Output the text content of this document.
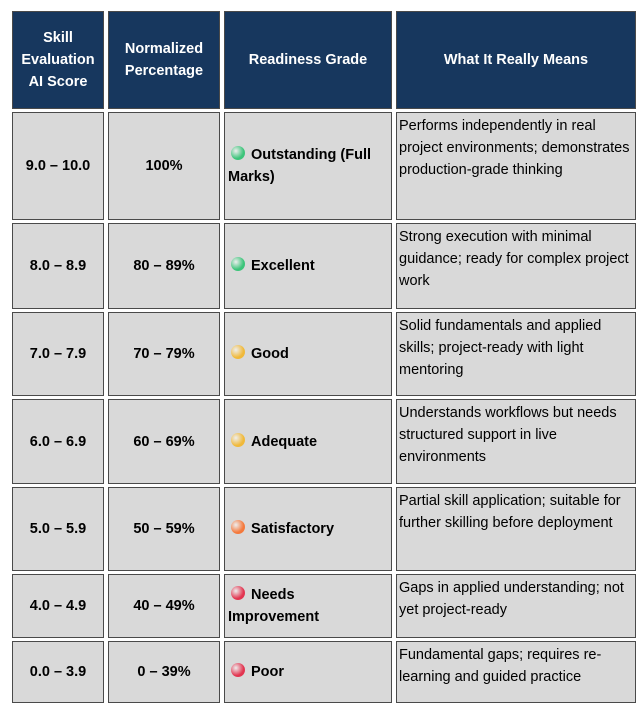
Skill Evaluation AI Score	Normalized Percentage	Readiness Grade	What It Really Means
9.0 – 10.0	100%	Outstanding (Full Marks)	Performs independently in real project environments; demonstrates production-grade thinking
8.0 – 8.9	80 – 89%	Excellent	Strong execution with minimal guidance; ready for complex project work
7.0 – 7.9	70 – 79%	Good	Solid fundamentals and applied skills; project-ready with light mentoring
6.0 – 6.9	60 – 69%	Adequate	Understands workflows but needs structured support in live environments
5.0 – 5.9	50 – 59%	Satisfactory	Partial skill application; suitable for further skilling before deployment
4.0 – 4.9	40 – 49%	Needs Improvement	Gaps in applied understanding; not yet project-ready
0.0 – 3.9	0 – 39%	Poor	Fundamental gaps; requires re-learning and guided practice
